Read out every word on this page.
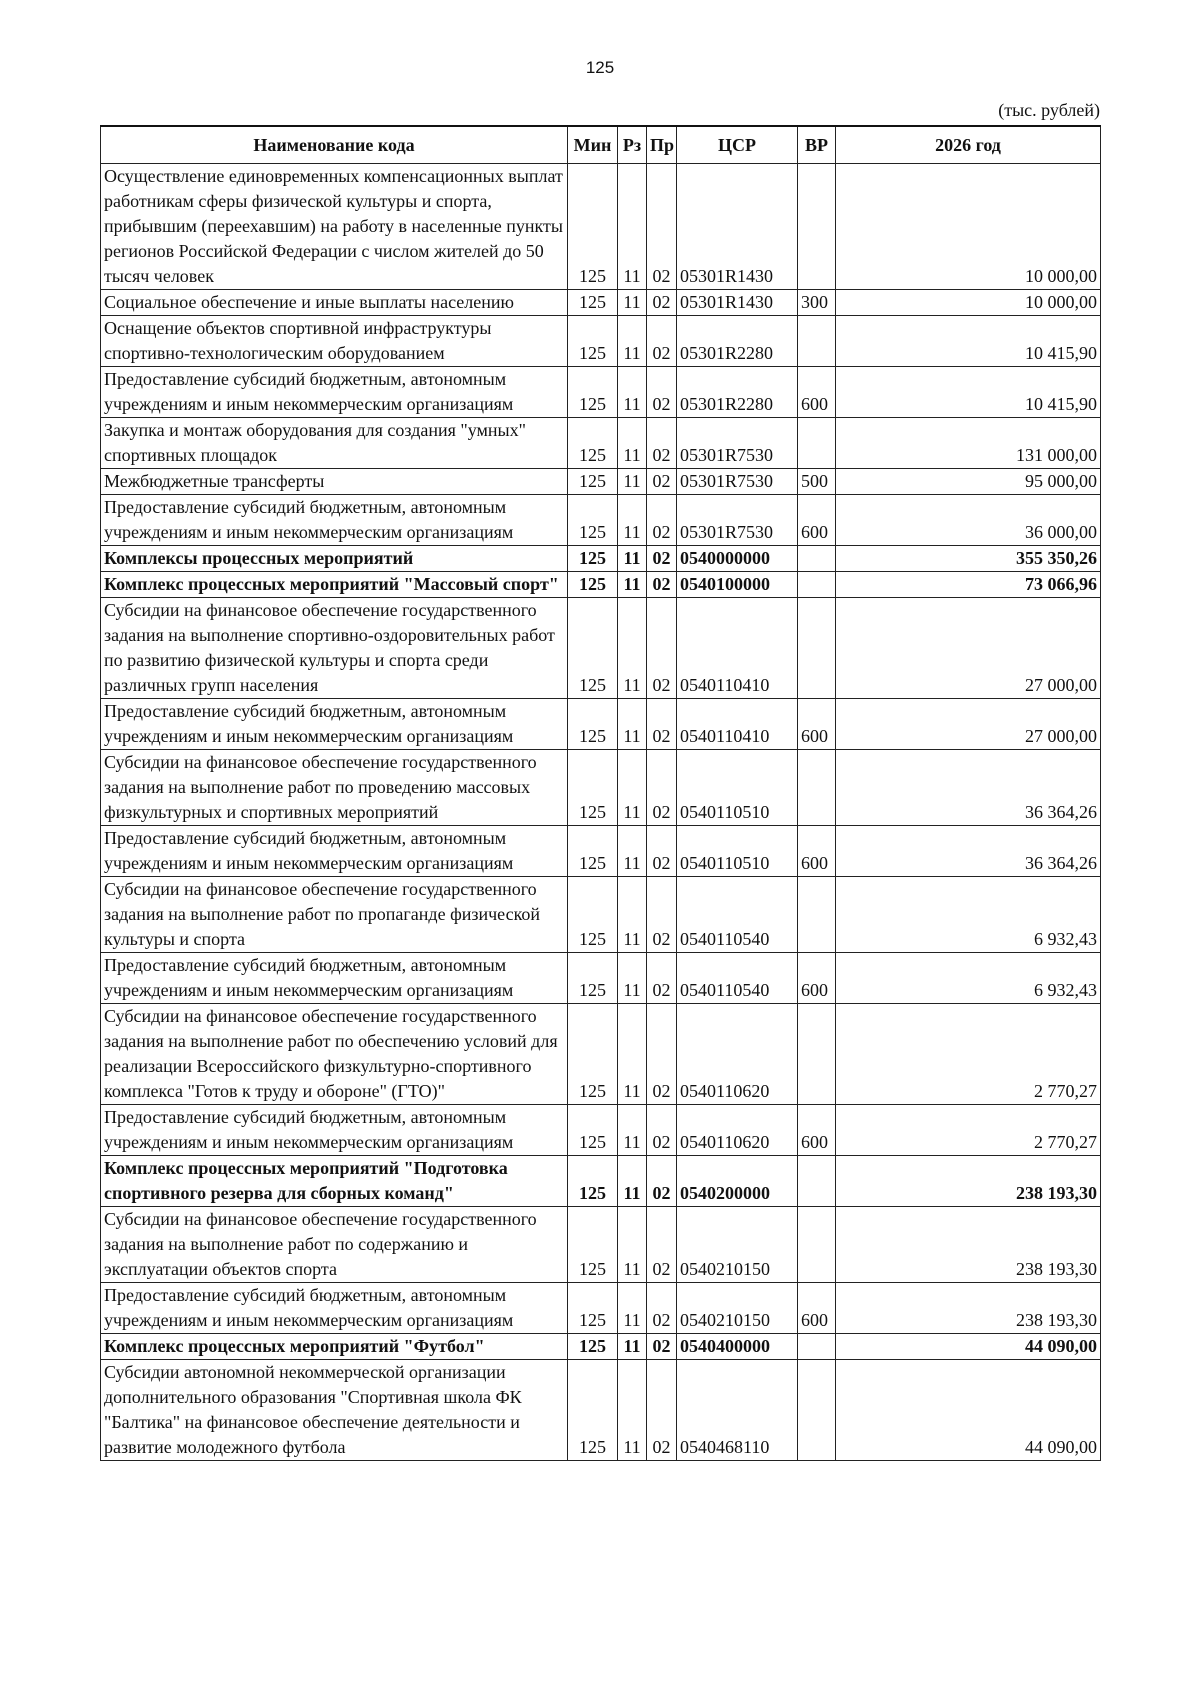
125
(тыс. рублей)
Наименование кода	Мин	Рз	Пр	ЦСР	ВР	2026 год
Осуществление единовременных компенсационных выплат работникам сферы физической культуры и спорта, прибывшим (переехавшим) на работу в населенные пункты регионов Российской Федерации с числом жителей до 50 тысяч человек	125	11	02	05301R1430		10 000,00
Социальное обеспечение и иные выплаты населению	125	11	02	05301R1430	300	10 000,00
Оснащение объектов спортивной инфраструктуры спортивно-технологическим оборудованием	125	11	02	05301R2280		10 415,90
Предоставление субсидий бюджетным, автономным учреждениям и иным некоммерческим организациям	125	11	02	05301R2280	600	10 415,90
Закупка и монтаж оборудования для создания "умных" спортивных площадок	125	11	02	05301R7530		131 000,00
Межбюджетные трансферты	125	11	02	05301R7530	500	95 000,00
Предоставление субсидий бюджетным, автономным учреждениям и иным некоммерческим организациям	125	11	02	05301R7530	600	36 000,00
Комплексы процессных мероприятий	125	11	02	0540000000		355 350,26
Комплекс процессных мероприятий "Массовый спорт"	125	11	02	0540100000		73 066,96
Субсидии на финансовое обеспечение государственного задания на выполнение спортивно-оздоровительных работ по развитию физической культуры и спорта среди различных групп населения	125	11	02	0540110410		27 000,00
Предоставление субсидий бюджетным, автономным учреждениям и иным некоммерческим организациям	125	11	02	0540110410	600	27 000,00
Субсидии на финансовое обеспечение государственного задания на выполнение работ по проведению массовых физкультурных и спортивных мероприятий	125	11	02	0540110510		36 364,26
Предоставление субсидий бюджетным, автономным учреждениям и иным некоммерческим организациям	125	11	02	0540110510	600	36 364,26
Субсидии на финансовое обеспечение государственного задания на выполнение работ по пропаганде физической культуры и спорта	125	11	02	0540110540		6 932,43
Предоставление субсидий бюджетным, автономным учреждениям и иным некоммерческим организациям	125	11	02	0540110540	600	6 932,43
Субсидии на финансовое обеспечение государственного задания на выполнение работ по обеспечению условий для реализации Всероссийского физкультурно-спортивного комплекса "Готов к труду и обороне" (ГТО)"	125	11	02	0540110620		2 770,27
Предоставление субсидий бюджетным, автономным учреждениям и иным некоммерческим организациям	125	11	02	0540110620	600	2 770,27
Комплекс процессных мероприятий "Подготовка спортивного резерва для сборных команд"	125	11	02	0540200000		238 193,30
Субсидии на финансовое обеспечение государственного задания на выполнение работ по содержанию и эксплуатации объектов спорта	125	11	02	0540210150		238 193,30
Предоставление субсидий бюджетным, автономным учреждениям и иным некоммерческим организациям	125	11	02	0540210150	600	238 193,30
Комплекс процессных мероприятий "Футбол"	125	11	02	0540400000		44 090,00
Субсидии автономной некоммерческой организации дополнительного образования "Спортивная школа ФК "Балтика" на финансовое обеспечение деятельности и развитие молодежного футбола	125	11	02	0540468110		44 090,00
